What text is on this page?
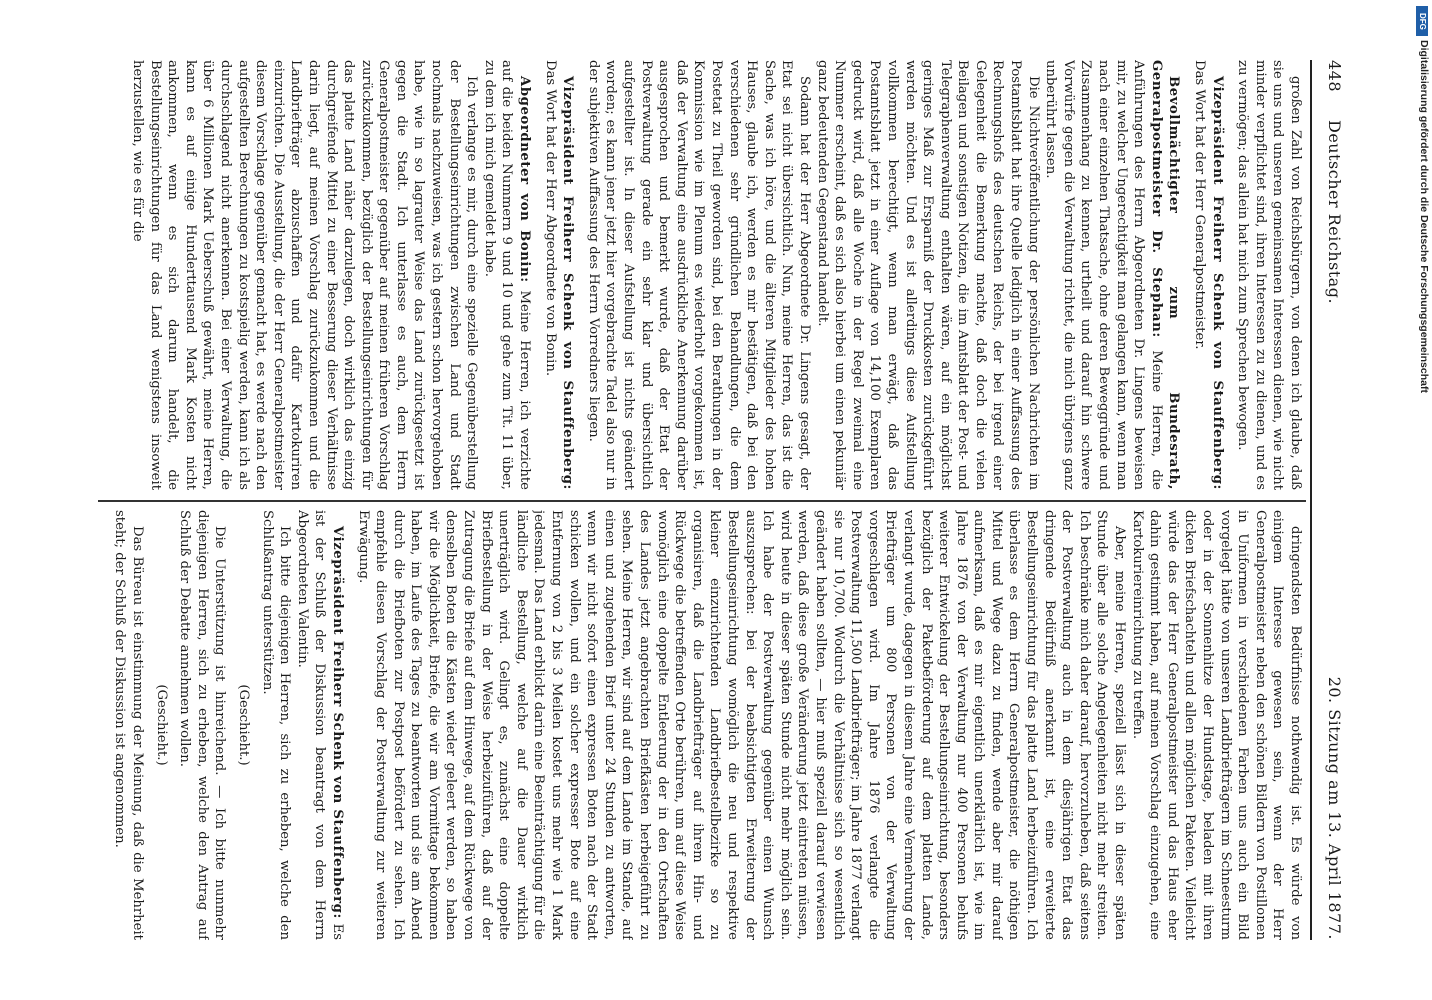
448
Deutscher Reichstag.
20. Sitzung am 13. April 1877.

großen Zahl von Reichsbürgern, von denen ich glaube, daß sie uns und unseren gemeinsamen Interessen dienen, wie nicht minder verpflichtet sind, ihren Interessen zu zu dienen, und es zu vermögen; das allein hat mich zum Sprechen bewogen.

Vizepräsident Freiherr Schenk von Stauffenberg: Das Wort hat der Herr Generalpostmeister.

Bevollmächtigter zum Bundesrath, Generalpostmeister Dr. Stephan: Meine Herren, die Anführungen des Herrn Abgeordneten Dr. Lingens beweisen mir, zu welcher Ungerechtigkeit man gelangen kann, wenn man nach einer einzelnen Thatsache, ohne deren Beweggründe und Zusammenhang zu kennen, urtheilt und darauf hin schwere Vorwürfe gegen die Verwaltung richtet, die mich übrigens ganz unberührt lassen.

Die Nichtveröffentlichung der persönlichen Nachrichten im Postamtsblatt hat ihre Quelle lediglich in einer Auffassung des Rechnungshofs des deutschen Reichs, der bei irgend einer Gelegenheit die Bemerkung machte, daß doch die vielen Beilagen und sonstigen Notizen, die im Amtsblatt der Post- und Telegraphenverwaltung enthalten wären, auf ein möglichst geringes Maß zur Ersparniß der Druckkosten zurückgeführt werden möchten. Und es ist allerdings diese Aufstellung vollkommen berechtigt, wenn man erwägt, daß das Postamtsblatt jetzt in einer Auflage von 14,100 Exemplaren gedruckt wird, daß alle Woche in der Regel zweimal eine Nummer erscheint, daß es sich also hierbei um einen pekuniär ganz bedeutenden Gegenstand handelt.

Sodann hat der Herr Abgeordnete Dr. Lingens gesagt, der Etat sei nicht übersichtlich. Nun, meine Herren, das ist die Sache, was ich höre, und die älteren Mitglieder des hohen Hauses, glaube ich, werden es mir bestätigen, daß bei den verschiedenen sehr gründlichen Behandlungen, die dem Postetat zu Theil geworden sind, bei den Berathungen in der Kommission wie im Plenum es wiederholt vorgekommen ist, daß der Verwaltung eine ausdrückliche Anerkennung darüber ausgesprochen und bemerkt wurde, daß der Etat der Postverwaltung gerade ein sehr klar und übersichtlich aufgestellter ist. In dieser Aufstellung ist nichts geändert worden; es kann jener jetzt hier vorgebrachte Tadel also nur in der subjektiven Auffassung des Herrn Vorredners liegen.

Vizepräsident Freiherr Schenk von Stauffenberg: Das Wort hat der Herr Abgeordnete von Bonin.

Abgeordneter von Bonin: Meine Herren, ich verzichte auf die beiden Nummern 9 und 10 und gehe zum Tit. 11 über, zu dem ich mich gemeldet habe.

Ich verlange es mir, durch eine spezielle Gegenüberstellung der Bestellungseinrichtungen zwischen Land und Stadt nochmals nachzuweisen, was ich gestern schon hervorgehoben habe, wie in so lagrauter Weise das Land zurückgesetzt ist gegen die Stadt. Ich unterlasse es auch, dem Herrn Generalpostmeister gegenüber auf meinen früheren Vorschlag zurückzukommen, bezüglich der Bestellungseinrichtungen für das platte Land näher darzulegen, doch wirklich das einzig durchgreifende Mittel zu einer Besserung dieser Verhältnisse darin liegt, auf meinen Vorschlag zurückzukommen und die Landbriefträger abzuschaffen und dafür Kartokuriren einzurichten. Die Ausstellung, die der Herr Generalpostmeister diesem Vorschlage gegenüber gemacht hat, es werde nach den aufgestellten Berechnungen zu kostspielig werden, kann ich als durchschlagend nicht anerkennen. Bei einer Verwaltung, die über 6 Millionen Mark Ueberschuß gewährt, meine Herren, kann es auf einige Hunderttausend Mark Kosten nicht ankommen, wenn es sich darum handelt, die Bestellungseinrichtungen für das Land wenigstens insoweit herzustellen, wie es für die

dringendsten Bedürfnisse nothwendig ist. Es würde von einigem Interesse gewesen sein, wenn der Herr Generalpostmeister neben den schönen Bildern von Postillonen in Uniformen in verschiedenen Farben uns auch ein Bild vorgelegt hätte von unseren Landbriefträgern im Schneesturm oder in der Sonnenhitze der Hundstage, beladen mit ihren dicken Briefschachteln und allen möglichen Paketen. Vielleicht würde das der Herr Generalpostmeister und das Haus eher dahin gestimmt haben, auf meinen Vorschlag einzugehen, eine Kartokuriereinrichtung zu treffen.

Aber, meine Herren, speziell lässt sich in dieser späten Stunde über alle solche Angelegenheiten nicht mehr streiten. Ich beschränke mich daher darauf, hervorzuheben, daß seitens der Postverwaltung auch in dem diesjährigen Etat das dringende Bedürfniß anerkannt ist, eine erweiterte Bestellungseinrichtung für das platte Land herbeizuführen. Ich überlasse es dem Herrn Generalpostmeister, die nöthigen Mittel und Wege dazu zu finden, wende aber mir darauf aufmerksam, daß es mir eigentlich unerklärlich ist, wie im Jahre 1876 von der Verwaltung nur 400 Personen behufs weiterer Entwickelung der Bestellungseinrichtung, besonders bezüglich der Paketbeförderung auf dem platten Lande, verlangt wurde, dagegen in diesem Jahre eine Vermehrung der Briefträger um 800 Personen von der Verwaltung vorgeschlagen wird. Im Jahre 1876 verlangte die Postverwaltung 11,500 Landbriefträger; im Jahre 1877 verlangt sie nur 10,700. Wodurch die Verhältnisse sich so wesentlich geändert haben sollten, — hier muß speziell darauf verwiesen werden, daß diese große Veränderung jetzt eintreten müssen, wird heute in dieser späten Stunde nicht mehr möglich sein. Ich habe der Postverwaltung gegenüber einen Wunsch auszusprechen: bei der beabsichtigten Erweiterung der Bestellungseinrichtung womöglich die neu und respektive kleiner einzurichtenden Landbriefbestellbezirke so zu organisiren, daß die Landbriefträger auf ihrem Hin- und Rückwege die betreffenden Orte berühren, um auf diese Weise womöglich eine doppelte Entleerung der in den Ortschaften des Landes jetzt angebrachten Briefkästen herbeigeführt zu sehen. Meine Herren, wir sind auf dem Lande im Stande, auf einen und zugehenden Brief unter 24 Stunden zu antworten, wenn wir nicht sofort einen expressen Boten nach der Stadt schicken wollen, und ein solcher expresser Bote auf eine Entfernung von 2 bis 3 Meilen kostet uns mehr wie 1 Mark jedesmal. Das Land erblickt darin eine Beeinträchtigung für die ländliche Bestellung, welche auf die Dauer wirklich unerträglich wird. Gelingt es, zunächst eine doppelte Briefbestellung in der Weise herbeizuführen, daß auf der Zutragung die Briefe auf dem Hinwege, auf dem Rückwege von denselben Boten die Kästen wieder geleert werden, so haben wir die Möglichkeit, Briefe, die wir am Vormittage bekommen haben, im Laufe des Tages zu beantworten und sie am Abend durch die Briefboten zur Postpost befördert zu sehen. Ich empfehle diesen Vorschlag der Postverwaltung zur weiteren Erwägung.

Vizepräsident Freiherr Schenk von Stauffenberg: Es ist der Schluß der Diskussion beantragt von dem Herrn Abgeordneten Valentin.

Ich bitte diejenigen Herren, sich zu erheben, welche den Schlußantrag unterstützen.

(Geschieht.)

Die Unterstützung ist hinreichend. — Ich bitte nunmehr diejenigen Herren, sich zu erheben, welche den Antrag auf Schluß der Debatte annehmen wollen.

(Geschieht.)

Das Büreau ist einstimmung der Meinung, daß die Mehrheit steht; der Schluß der Diskussion ist angenommen.

DFG
Digitalisierung gefördert durch die Deutsche Forschungsgemeinschaft
